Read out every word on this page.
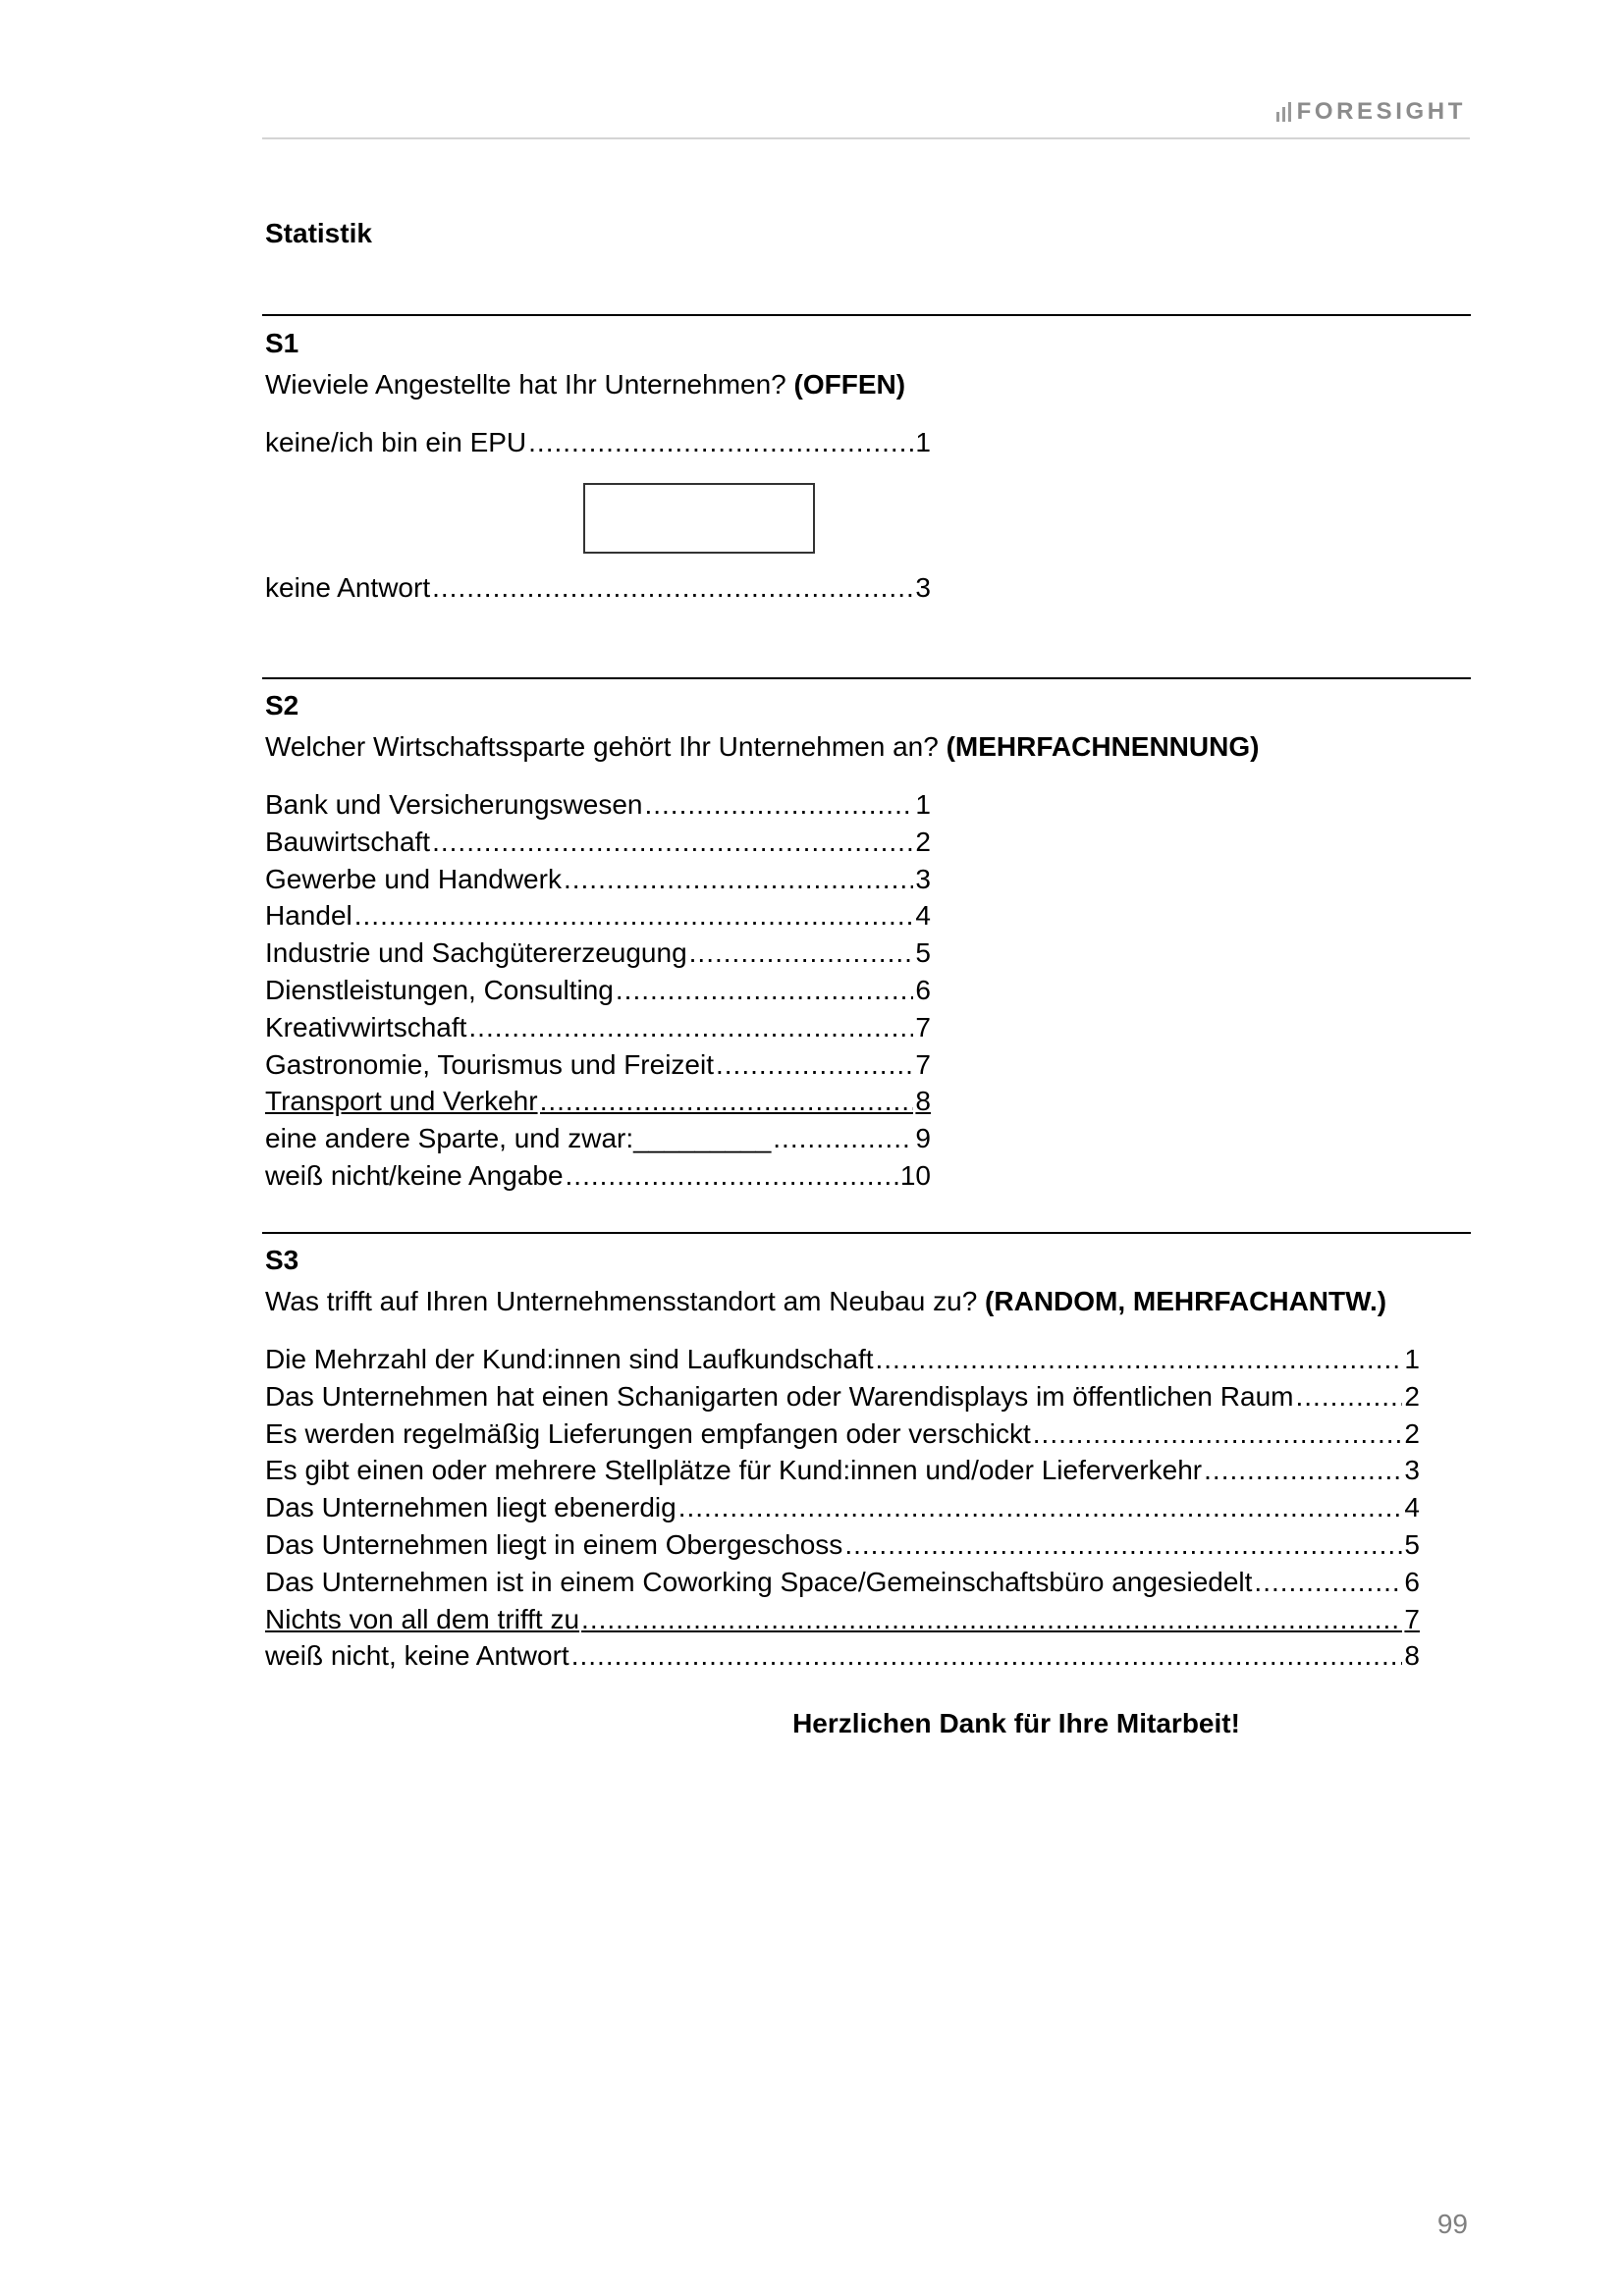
FORESIGHT
Statistik
S1
Wieviele Angestellte hat Ihr Unternehmen? (OFFEN)
keine/ich bin ein EPU .....	1
keine Antwort .....	3
S2
Welcher Wirtschaftssparte gehört Ihr Unternehmen an? (MEHRFACHNENNUNG)
Bank und Versicherungswesen .....	1
Bauwirtschaft .....	2
Gewerbe und Handwerk .....	3
Handel .....	4
Industrie und Sachgütererzeugung .....	5
Dienstleistungen, Consulting .....	6
Kreativwirtschaft .....	7
Gastronomie, Tourismus und Freizeit .....	7
Transport und Verkehr .....	8
eine andere Sparte, und zwar:_________ .....	9
weiß nicht/keine Angabe .....	10
S3
Was trifft auf Ihren Unternehmensstandort am Neubau zu? (RANDOM, MEHRFACHANTW.)
Die Mehrzahl der Kund:innen sind Laufkundschaft .....	1
Das Unternehmen hat einen Schanigarten oder Warendisplays im öffentlichen Raum .....	2
Es werden regelmäßig Lieferungen empfangen oder verschickt .....	2
Es gibt einen oder mehrere Stellplätze für Kund:innen und/oder Lieferverkehr .....	3
Das Unternehmen liegt ebenerdig .....	4
Das Unternehmen liegt in einem Obergeschoss .....	5
Das Unternehmen ist in einem Coworking Space/Gemeinschaftsbüro angesiedelt .....	6
Nichts von all dem trifft zu .....	7
weiß nicht, keine Antwort .....	8
Herzlichen Dank für Ihre Mitarbeit!
99
